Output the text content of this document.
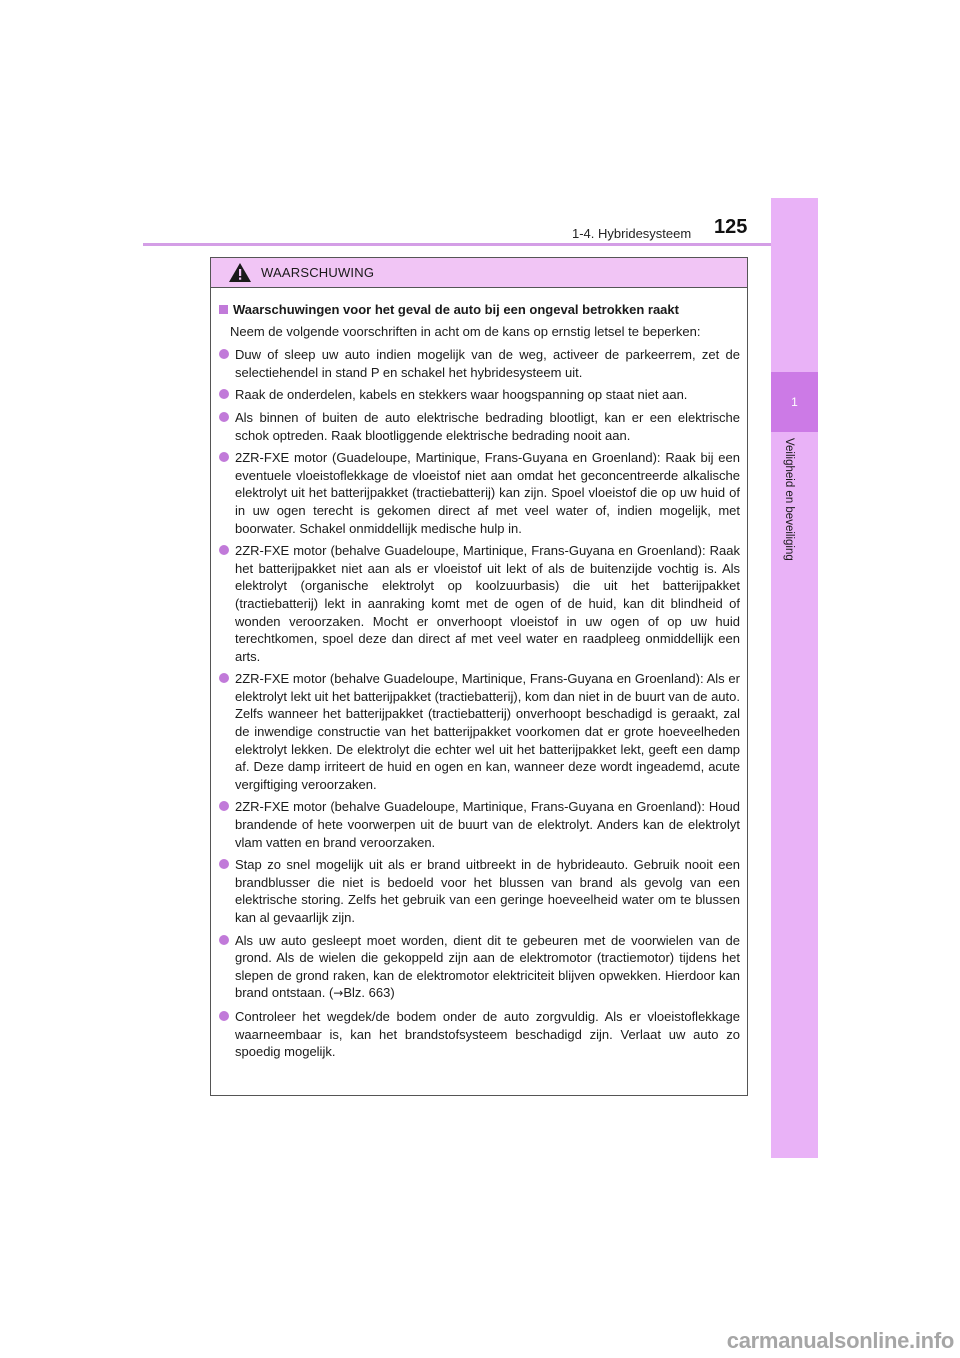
1-4. Hybridesysteem 125
1
Veiligheid en beveiliging
WAARSCHUWING
Waarschuwingen voor het geval de auto bij een ongeval betrokken raakt
Neem de volgende voorschriften in acht om de kans op ernstig letsel te beperken:
Duw of sleep uw auto indien mogelijk van de weg, activeer de parkeerrem, zet de selectiehendel in stand P en schakel het hybridesysteem uit.
Raak de onderdelen, kabels en stekkers waar hoogspanning op staat niet aan.
Als binnen of buiten de auto elektrische bedrading blootligt, kan er een elektrische schok optreden. Raak blootliggende elektrische bedrading nooit aan.
2ZR-FXE motor (Guadeloupe, Martinique, Frans-Guyana en Groenland): Raak bij een eventuele vloeistoflekkage de vloeistof niet aan omdat het geconcentreerde alkalische elektrolyt uit het batterijpakket (tractiebatterij) kan zijn. Spoel vloeistof die op uw huid of in uw ogen terecht is gekomen direct af met veel water of, indien mogelijk, met boorwater. Schakel onmiddellijk medische hulp in.
2ZR-FXE motor (behalve Guadeloupe, Martinique, Frans-Guyana en Groenland): Raak het batterijpakket niet aan als er vloeistof uit lekt of als de buitenzijde vochtig is. Als elektrolyt (organische elektrolyt op koolzuurbasis) die uit het batterijpakket (tractiebatterij) lekt in aanraking komt met de ogen of de huid, kan dit blindheid of wonden veroorzaken. Mocht er onverhoopt vloeistof in uw ogen of op uw huid terechtkomen, spoel deze dan direct af met veel water en raadpleeg onmiddellijk een arts.
2ZR-FXE motor (behalve Guadeloupe, Martinique, Frans-Guyana en Groenland): Als er elektrolyt lekt uit het batterijpakket (tractiebatterij), kom dan niet in de buurt van de auto. Zelfs wanneer het batterijpakket (tractiebatterij) onverhoopt beschadigd is geraakt, zal de inwendige constructie van het batterijpakket voorkomen dat er grote hoeveelheden elektrolyt lekken. De elektrolyt die echter wel uit het batterijpakket lekt, geeft een damp af. Deze damp irriteert de huid en ogen en kan, wanneer deze wordt ingeademd, acute vergiftiging veroorzaken.
2ZR-FXE motor (behalve Guadeloupe, Martinique, Frans-Guyana en Groenland): Houd brandende of hete voorwerpen uit de buurt van de elektrolyt. Anders kan de elektrolyt vlam vatten en brand veroorzaken.
Stap zo snel mogelijk uit als er brand uitbreekt in de hybrideauto. Gebruik nooit een brandblusser die niet is bedoeld voor het blussen van brand als gevolg van een elektrische storing. Zelfs het gebruik van een geringe hoeveelheid water om te blussen kan al gevaarlijk zijn.
Als uw auto gesleept moet worden, dient dit te gebeuren met de voorwielen van de grond. Als de wielen die gekoppeld zijn aan de elektromotor (tractiemotor) tijdens het slepen de grond raken, kan de elektromotor elektriciteit blijven opwekken. Hierdoor kan brand ontstaan. (→Blz. 663)
Controleer het wegdek/de bodem onder de auto zorgvuldig. Als er vloeistoflekkage waarneembaar is, kan het brandstofsysteem beschadigd zijn. Verlaat uw auto zo spoedig mogelijk.
carmanualsonline.info
